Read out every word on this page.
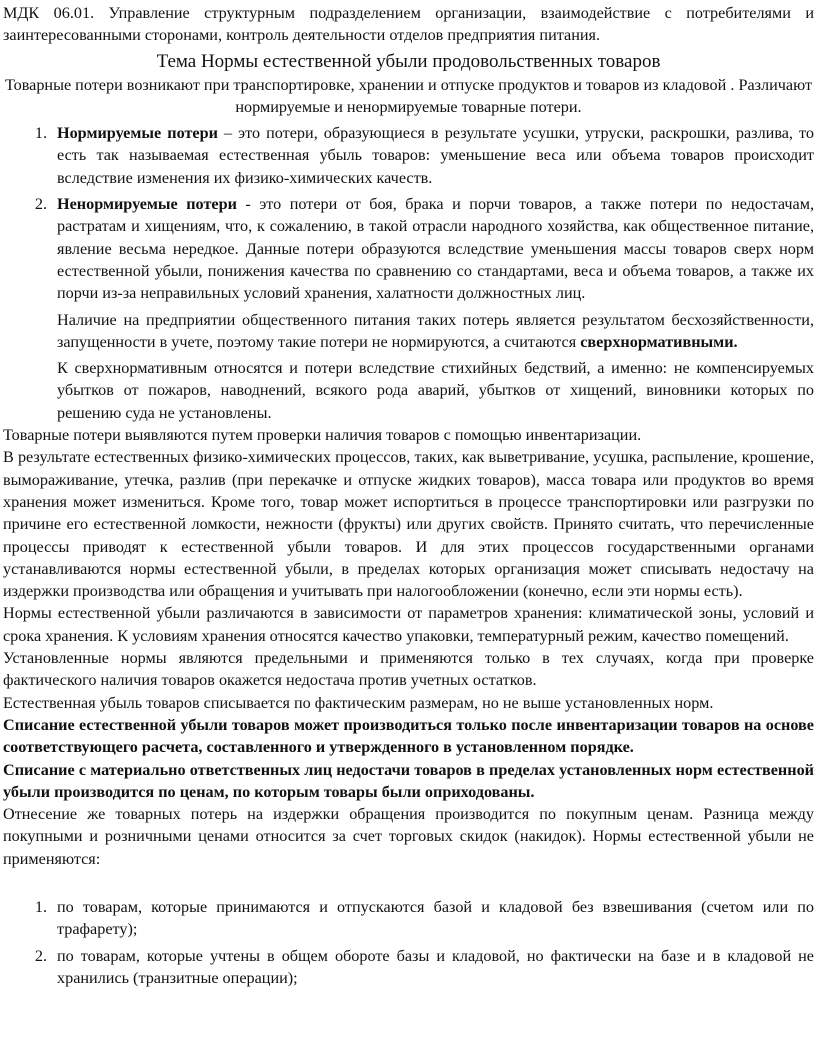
МДК 06.01. Управление структурным подразделением организации, взаимодействие с потребителями и заинтересованными сторонами, контроль деятельности отделов предприятия питания.

Тема Нормы естественной убыли продовольственных товаров

Товарные потери возникают при транспортировке, хранении и отпуске продуктов и товаров из кладовой . Различают нормируемые и ненормируемые товарные потери.

1. Нормируемые потери – это потери, образующиеся в результате усушки, утруски, раскрошки, разлива, то есть так называемая естественная убыль товаров: уменьшение веса или объема товаров происходит вследствие изменения их физико-химических качеств.

2. Ненормируемые потери - это потери от боя, брака и порчи товаров, а также потери по недостачам, растратам и хищениям, что, к сожалению, в такой отрасли народного хозяйства, как общественное питание, явление весьма нередкое. Данные потери образуются вследствие уменьшения массы товаров сверх норм естественной убыли, понижения качества по сравнению со стандартами, веса и объема товаров, а также их порчи из-за неправильных условий хранения, халатности должностных лиц.

Наличие на предприятии общественного питания таких потерь является результатом бесхозяйственности, запущенности в учете, поэтому такие потери не нормируются, а считаются сверхнормативными.

К сверхнормативным относятся и потери вследствие стихийных бедствий, а именно: не компенсируемых убытков от пожаров, наводнений, всякого рода аварий, убытков от хищений, виновники которых по решению суда не установлены.

Товарные потери выявляются путем проверки наличия товаров с помощью инвентаризации.

В результате естественных физико-химических процессов, таких, как выветривание, усушка, распыление, крошение, вымораживание, утечка, разлив (при перекачке и отпуске жидких товаров), масса товара или продуктов во время хранения может измениться. Кроме того, товар может испортиться в процессе транспортировки или разгрузки по причине его естественной ломкости, нежности (фрукты) или других свойств. Принято считать, что перечисленные процессы приводят к естественной убыли товаров. И для этих процессов государственными органами устанавливаются нормы естественной убыли, в пределах которых организация может списывать недостачу на издержки производства или обращения и учитывать при налогообложении (конечно, если эти нормы есть).

Нормы естественной убыли различаются в зависимости от параметров хранения: климатической зоны, условий и срока хранения. К условиям хранения относятся качество упаковки, температурный режим, качество помещений.

Установленные нормы являются предельными и применяются только в тех случаях, когда при проверке фактического наличия товаров окажется недостача против учетных остатков.

Естественная убыль товаров списывается по фактическим размерам, но не выше установленных норм.

Списание естественной убыли товаров может производиться только после инвентаризации товаров на основе соответствующего расчета, составленного и утвержденного в установленном порядке.

Списание с материально ответственных лиц недостачи товаров в пределах установленных норм естественной убыли производится по ценам, по которым товары были оприходованы.

Отнесение же товарных потерь на издержки обращения производится по покупным ценам. Разница между покупными и розничными ценами относится за счет торговых скидок (накидок). Нормы естественной убыли не применяются:

1. по товарам, которые принимаются и отпускаются базой и кладовой без взвешивания (счетом или по трафарету);

2. по товарам, которые учтены в общем обороте базы и кладовой, но фактически на базе и в кладовой не хранились (транзитные операции);
